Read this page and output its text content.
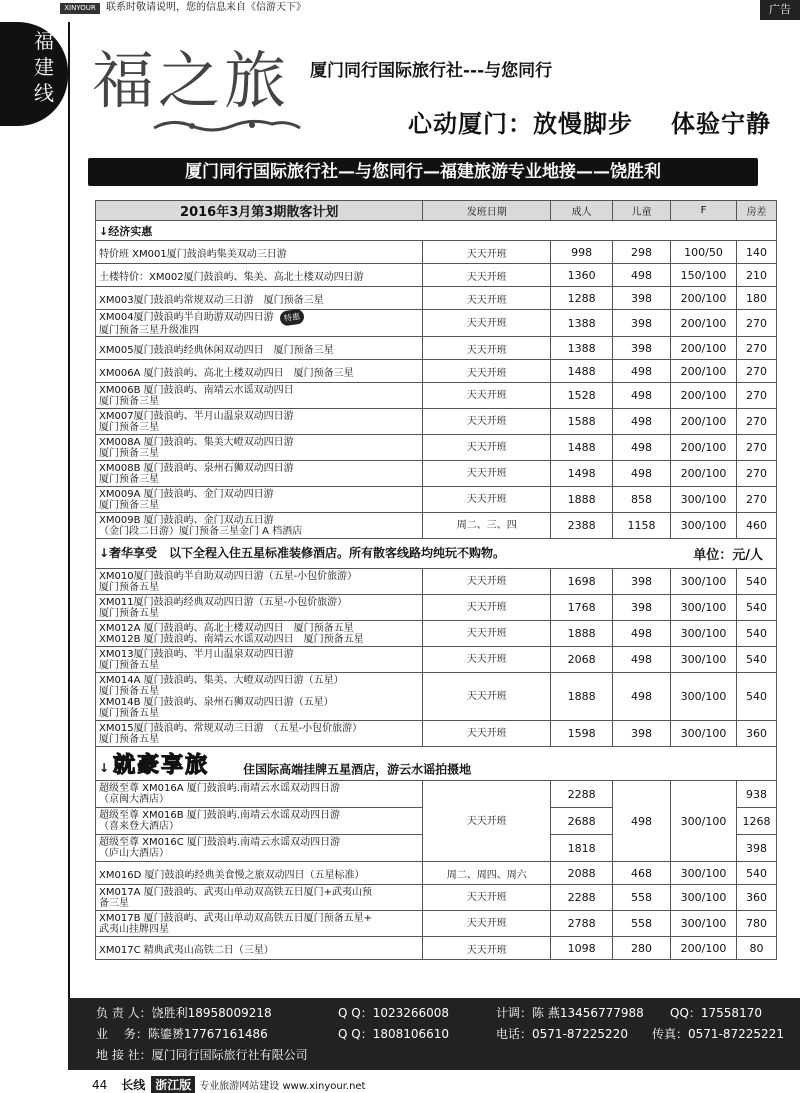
XINYOUR	联系时敬请说明，您的信息来自《信游天下》	广告
福
建
线 福之旅 厦门同行国际旅行社---与您同行
心动厦门：放慢脚步 体验宁静
厦门同行国际旅行社—与您同行—福建旅游专业地接——饶胜利
2016年3月第3期散客计划	发班日期	成人	儿童	F	房差
↓经济实惠					
特价班 XM001厦门鼓浪屿集美双动三日游	天天开班	998	298	100/50	140
土楼特价：XM002厦门鼓浪屿、集美、高北土楼双动四日游	天天开班	1360	498	150/100	210
XM003厦门鼓浪屿常规双动三日游　厦门预备三星	天天开班	1288	398	200/100	180
XM004厦门鼓浪屿半自助游双动四日游 特惠
厦门预备三星升级准四	天天开班	1388	398	200/100	270
XM005厦门鼓浪屿经典休闲双动四日　厦门预备三星	天天开班	1388	398	200/100	270
XM006A 厦门鼓浪屿、高北土楼双动四日　厦门预备三星	天天开班	1488	498	200/100	270
XM006B 厦门鼓浪屿、南靖云水谣双动四日
厦门预备三星	天天开班	1528	498	200/100	270
XM007厦门鼓浪屿、半月山温泉双动四日游
厦门预备三星	天天开班	1588	498	200/100	270
XM008A 厦门鼓浪屿、集美大嶝双动四日游
厦门预备三星	天天开班	1488	498	200/100	270
XM008B 厦门鼓浪屿、泉州石狮双动四日游
厦门预备三星	天天开班	1498	498	200/100	270
XM009A 厦门鼓浪屿、金门双动四日游
厦门预备三星	天天开班	1888	858	300/100	270
XM009B 厦门鼓浪屿、金门双动五日游
（金门段二日游）厦门预备三星金门 A 档酒店	周二、三、四	2388	1158	300/100	460
↓奢华享受　以下全程入住五星标准装修酒店。所有散客线路均纯玩不购物。 单位：元/人					

XM010厦门鼓浪屿半自助双动四日游（五星-小包价旅游）
厦门预备五星	天天开班	1698	398	300/100	540
XM011厦门鼓浪屿经典双动四日游（五星-小包价旅游）
厦门预备五星	天天开班	1768	398	300/100	540
XM012A 厦门鼓浪屿、高北土楼双动四日　厦门预备五星
XM012B 厦门鼓浪屿、南靖云水谣双动四日　厦门预备五星	天天开班	1888	498	300/100	540
XM013厦门鼓浪屿、半月山温泉双动四日游
厦门预备五星	天天开班	2068	498	300/100	540
XM014A 厦门鼓浪屿、集美、大嶝双动四日游（五星）
厦门预备五星
XM014B 厦门鼓浪屿、泉州石狮双动四日游（五星）
厦门预备五星	天天开班	1888	498	300/100	540
XM015厦门鼓浪屿、常规双动三日游　（五星-小包价旅游）
厦门预备五星	天天开班	1598	398	300/100	360
↓ 就豪享旅 住国际高端挂牌五星酒店，游云水谣拍摄地					
超级至尊 XM016A 厦门鼓浪屿.南靖云水谣双动四日游
（京闽大酒店）	天天开班	2288	498	300/100	938
超级至尊 XM016B 厦门鼓浪屿.南靖云水谣双动四日游
（喜来登大酒店）		2688			1268
超级至尊 XM016C 厦门鼓浪屿.南靖云水谣双动四日游
（庐山大酒店）		1818			398
XM016D 厦门鼓浪屿经典美食慢之旅双动四日（五星标准）	周二、周四、周六	2088	468	300/100	540
XM017A 厦门鼓浪屿、武夷山单动双高铁五日厦门+武夷山预
备三星	天天开班	2288	558	300/100	360
XM017B 厦门鼓浪屿、武夷山单动双高铁五日厦门预备五星+
武夷山挂牌四星	天天开班	2788	558	300/100	780
XM017C 精典武夷山高铁二日（三星）	天天开班	1098	280	200/100	80
负 责 人：饶胜利18958009218	Q Q：1023266008	计调：陈 燕13456777988 QQ：17558170
业　 务：陈鎏赟17767161486	Q Q：1808106610	电话：0571-87225220 传真：0571-87225221
地 接 社：厦门同行国际旅行社有限公司
44 长线 浙江版 专业旅游网站建设 www.xinyour.net
